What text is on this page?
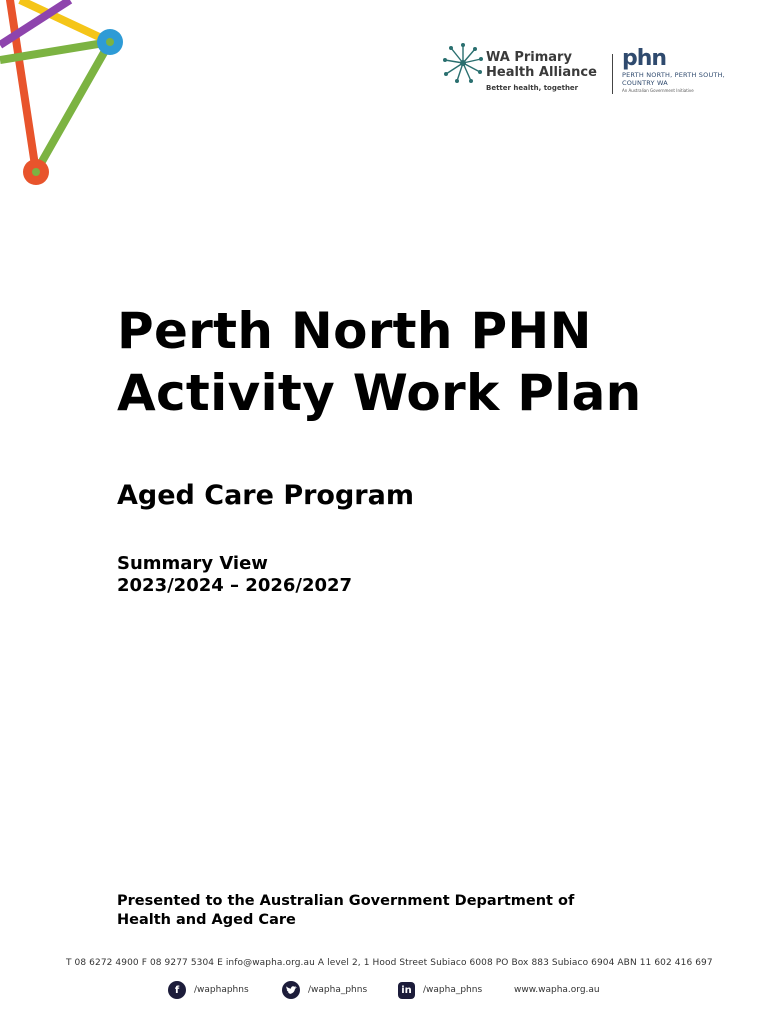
WA Primary
Health Alliance
Better health, together
phn
PERTH NORTH, PERTH SOUTH,
COUNTRY WA
An Australian Government Initiative
Perth North PHN
Activity Work Plan
Aged Care Program
Summary View
2023/2024 – 2026/2027
Presented to the Australian Government Department of
Health and Aged Care
T 08 6272 4900 F 08 9277 5304 E info@wapha.org.au A level 2, 1 Hood Street Subiaco 6008 PO Box 883 Subiaco 6904 ABN 11 602 416 697
f	/waphaphns	/wapha_phns	in	/wapha_phns	www.wapha.org.au
